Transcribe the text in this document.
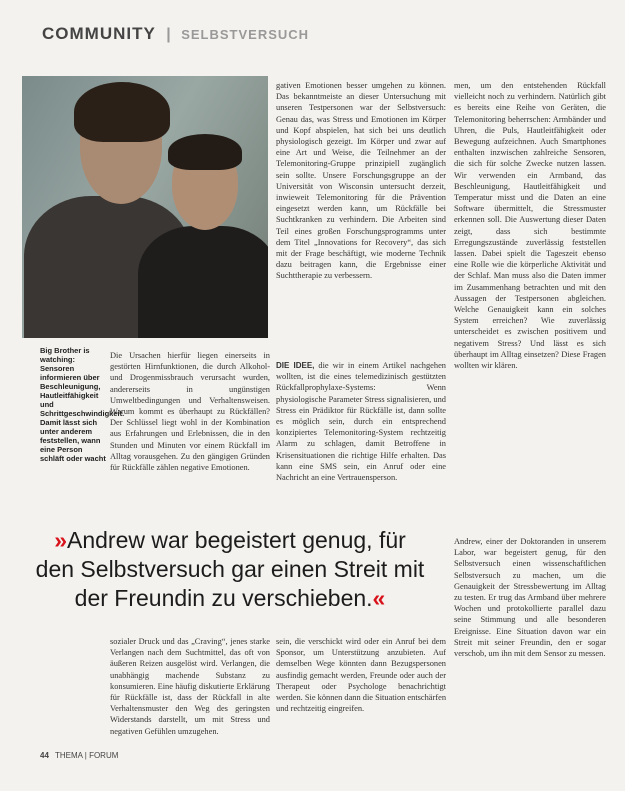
COMMUNITY | SELBSTVERSUCH
Big Brother is watching: Sensoren informieren über Beschleunigung, Hautleitfähigkeit und Schrittgeschwindigkeit. Damit lässt sich unter anderem feststellen, wann eine Person schläft oder wacht

gativen Emotionen besser umgehen zu können. Das bekanntmeiste an dieser Untersuchung mit unseren Testpersonen war der Selbstversuch: Genau das, was Stress und Emotionen im Körper und Kopf abspielen, hat sich bei uns deutlich physiologisch gezeigt. Im Körper und zwar auf eine Art und Weise, die Teilnehmer an der Telemonitoring-Gruppe prinzipiell zugänglich sein sollte. Unsere Forschungsgruppe an der Universität von Wisconsin untersucht derzeit, inwieweit Telemonitoring für die Prävention eingesetzt werden kann, um Rückfälle bei Suchtkranken zu verhindern. Die Arbeiten sind Teil eines großen Forschungsprogramms unter dem Titel „Innovations for Recovery“, das sich mit der Frage beschäftigt, wie moderne Technik dazu beitragen kann, die Ergebnisse einer Suchttherapie zu verbessern.

Die Ursachen hierfür liegen einerseits in gestörten Hirnfunktionen, die durch Alkohol- und Drogenmissbrauch verursacht wurden, andererseits in ungünstigen Umweltbedingungen und Verhaltensweisen. Warum kommt es überhaupt zu Rückfällen? Der Schlüssel liegt wohl in der Kombination aus Erfahrungen und Erlebnissen, die in den Stunden und Minuten vor einem Rückfall im Alltag vorausgehen. Zu den gängigen Gründen für Rückfälle zählen negative Emotionen.

DIE IDEE, die wir in einem Artikel nachgehen wollten, ist die eines telemedizinisch gestützten Rückfallprophylaxe-Systems: Wenn physiologische Parameter Stress signalisieren, und Stress ein Prädiktor für Rückfälle ist, dann sollte es möglich sein, durch ein entsprechend konzipiertes Telemonitoring-System rechtzeitig Alarm zu schlagen, damit Betroffene in Krisensituationen die richtige Hilfe erhalten. Das kann eine SMS sein, ein Anruf oder eine Nachricht an eine Vertrauensperson.

men, um den entstehenden Rückfall vielleicht noch zu verhindern. Natürlich gibt es bereits eine Reihe von Geräten, die Telemonitoring beherrschen: Armbänder und Uhren, die Puls, Hautleitfähigkeit oder Bewegung aufzeichnen. Auch Smartphones enthalten inzwischen zahlreiche Sensoren, die sich für solche Zwecke nutzen lassen. Wir verwenden ein Armband, das Beschleunigung, Hautleitfähigkeit und Temperatur misst und die Daten an eine Software übermittelt, die Stressmuster erkennen soll. Die Auswertung dieser Daten zeigt, dass sich bestimmte Erregungszustände zuverlässig feststellen lassen. Dabei spielt die Tageszeit ebenso eine Rolle wie die körperliche Aktivität und der Schlaf. Man muss also die Daten immer im Zusammenhang betrachten und mit den Aussagen der Testpersonen abgleichen. Welche Genauigkeit kann ein solches System erreichen? Wie zuverlässig unterscheidet es zwischen positivem und negativem Stress? Und lässt es sich überhaupt im Alltag einsetzen? Diese Fragen wollten wir klären.

»Andrew war begeistert genug, für den Selbstversuch gar einen Streit mit der Freundin zu verschieben.«

sozialer Druck und das „Craving“, jenes starke Verlangen nach dem Suchtmittel, das oft von äußeren Reizen ausgelöst wird. Verlangen, die unabhängig machende Substanz zu konsumieren. Eine häufig diskutierte Erklärung für Rückfälle ist, dass der Rückfall in alte Verhaltensmuster den Weg des geringsten Widerstands darstellt, um mit Stress und negativen Gefühlen umzugehen.

sein, die verschickt wird oder ein Anruf bei dem Sponsor, um Unterstützung anzubieten. Auf demselben Wege könnten dann Bezugspersonen ausfindig gemacht werden, Freunde oder auch der Therapeut oder Psychologe benachrichtigt werden. Sie können dann die Situation entschärfen und rechtzeitig eingreifen.

Andrew, einer der Doktoranden in unserem Labor, war begeistert genug, für den Selbstversuch einen wissenschaftlichen Selbstversuch zu machen, um die Genauigkeit der Stressbewertung im Alltag zu testen. Er trug das Armband über mehrere Wochen und protokollierte parallel dazu seine Stimmung und alle besonderen Ereignisse. Eine Situation davon war ein Streit mit seiner Freundin, den er sogar verschob, um ihn mit dem Sensor zu messen.

44 THEMA | FORUM
